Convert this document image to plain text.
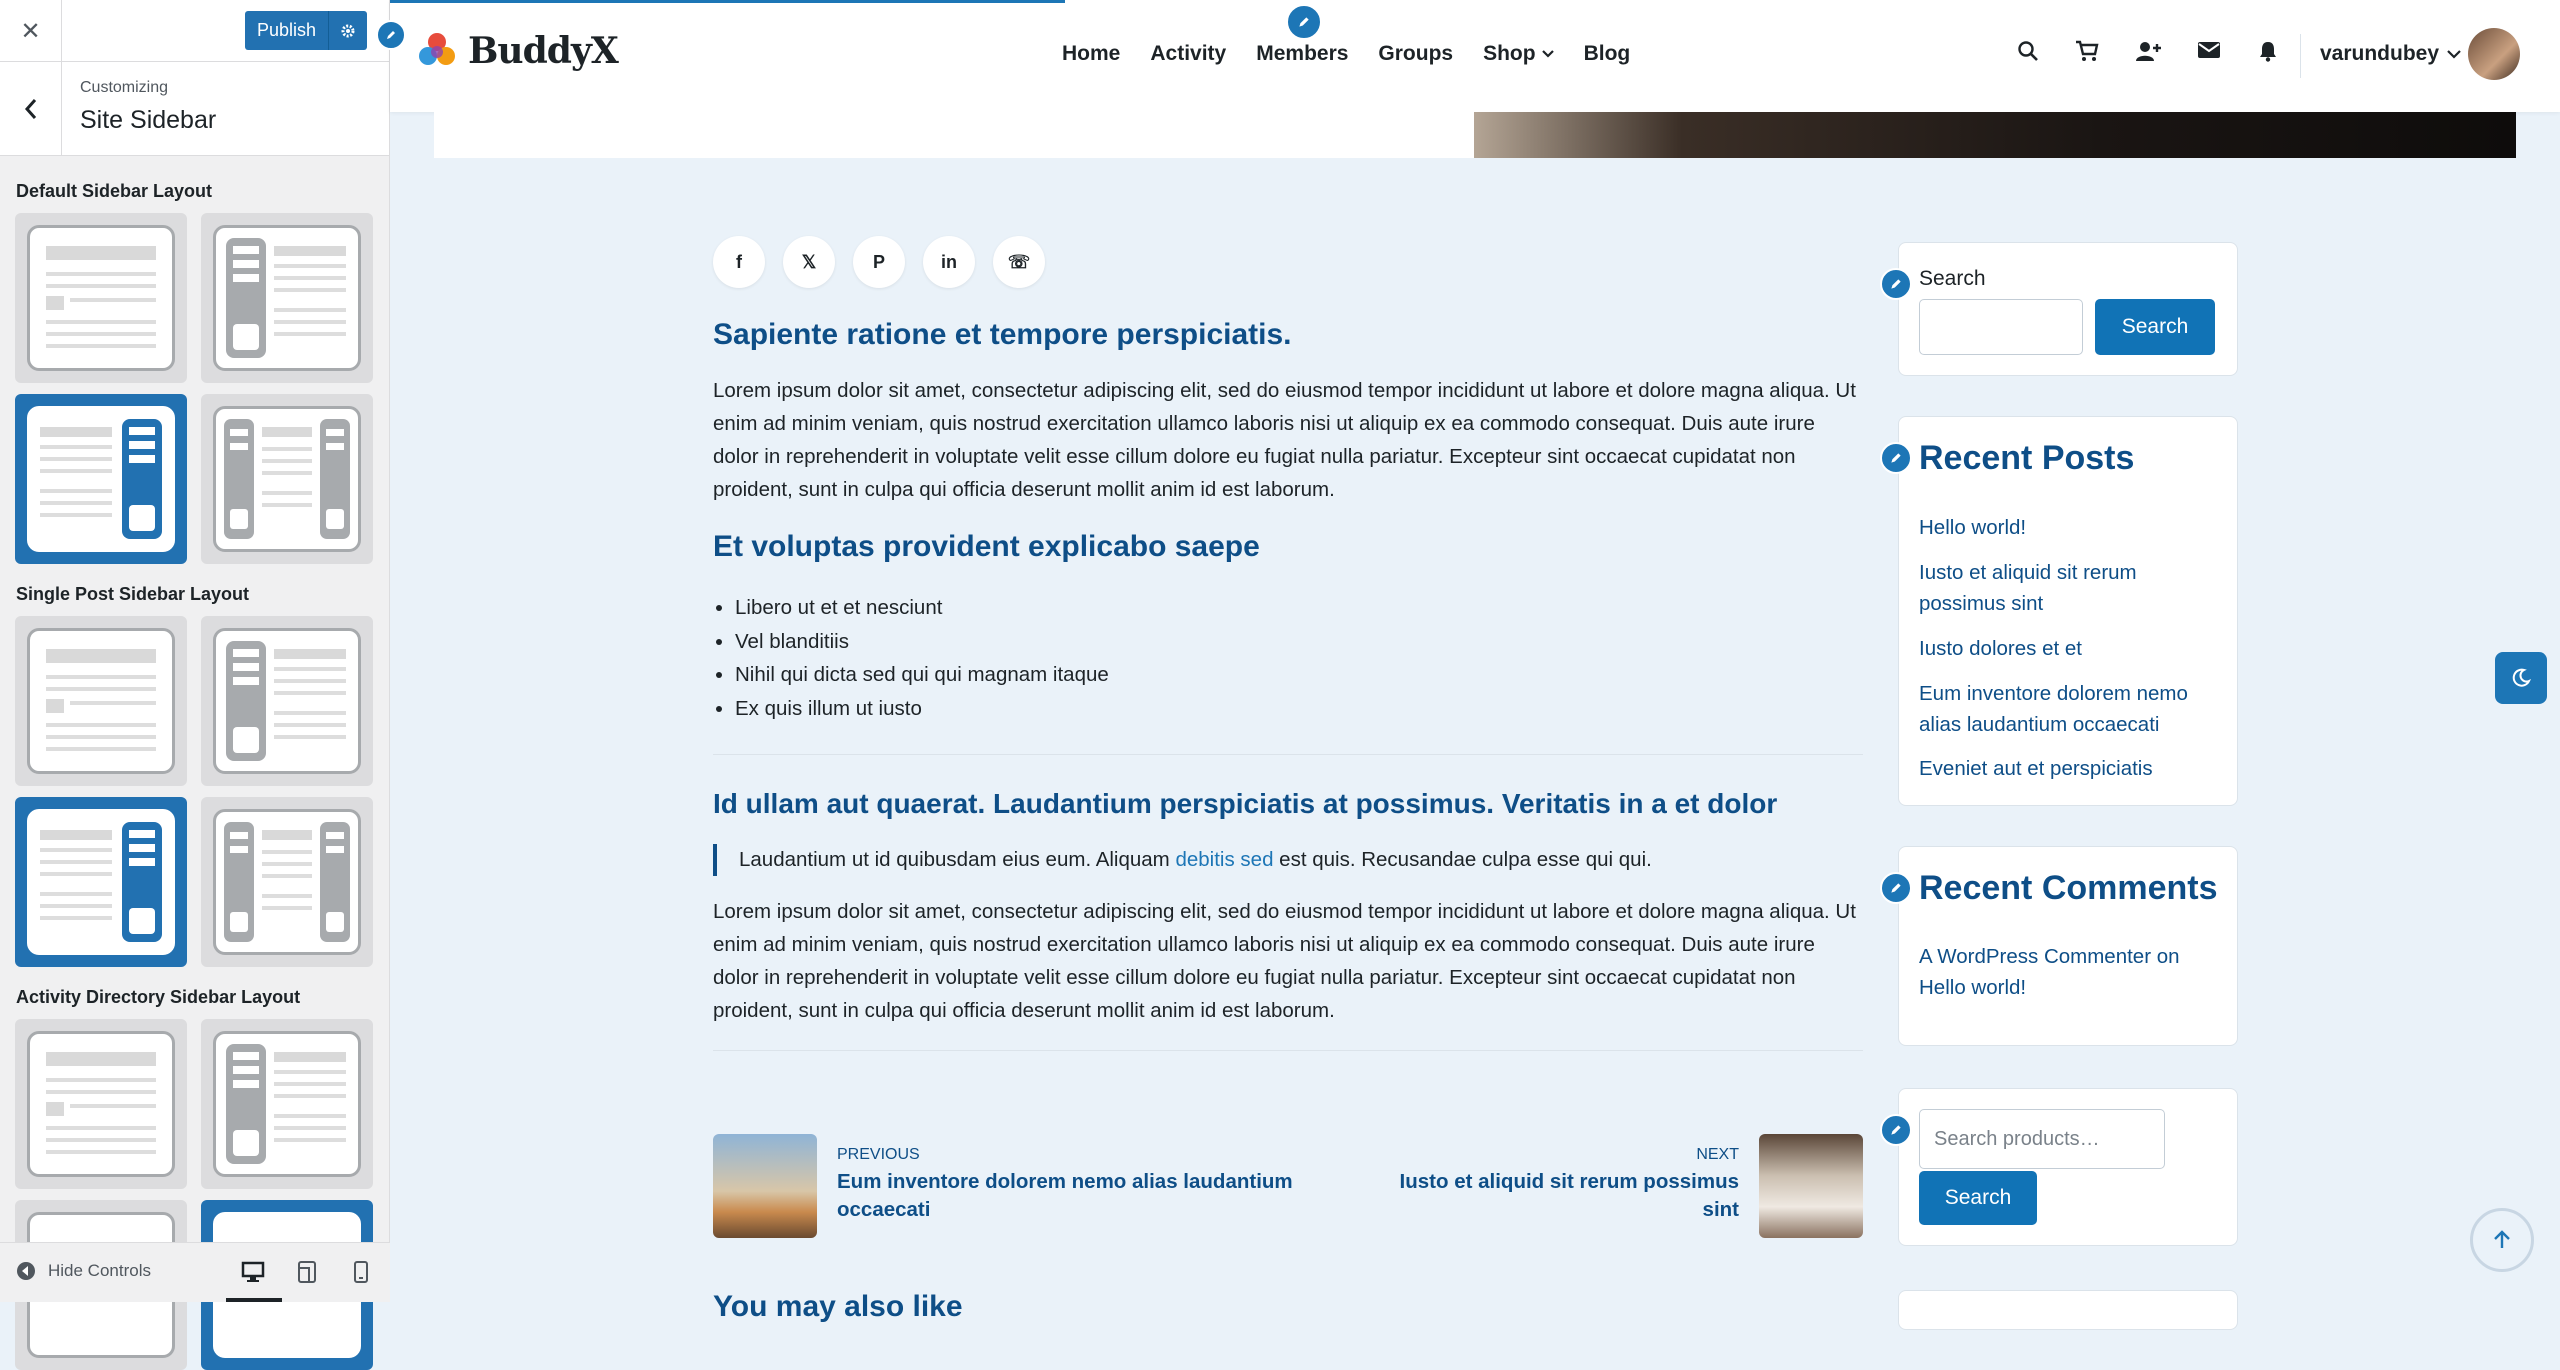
✕	Publish
Customizing
Site Sidebar
Default Sidebar Layout
Single Post Sidebar Layout
Activity Directory Sidebar Layout
Hide Controls
BuddyX	Home Activity Members Groups Shop Blog	varundubey
f	𝕏	P	in	☏
Sapiente ratione et tempore perspiciatis.

Lorem ipsum dolor sit amet, consectetur adipiscing elit, sed do eiusmod tempor incididunt ut labore et dolore magna aliqua. Ut enim ad minim veniam, quis nostrud exercitation ullamco laboris nisi ut aliquip ex ea commodo consequat. Duis aute irure dolor in reprehenderit in voluptate velit esse cillum dolore eu fugiat nulla pariatur. Excepteur sint occaecat cupidatat non proident, sunt in culpa qui officia deserunt mollit anim id est laborum.

Et voluptas provident explicabo saepe
• Libero ut et et nesciunt
• Vel blanditiis
• Nihil qui dicta sed qui qui magnam itaque
• Ex quis illum ut iusto
Id ullam aut quaerat. Laudantium perspiciatis at possimus. Veritatis in a et dolor
Laudantium ut id quibusdam eius eum. Aliquam debitis sed est quis. Recusandae culpa esse qui qui.

Lorem ipsum dolor sit amet, consectetur adipiscing elit, sed do eiusmod tempor incididunt ut labore et dolore magna aliqua. Ut enim ad minim veniam, quis nostrud exercitation ullamco laboris nisi ut aliquip ex ea commodo consequat. Duis aute irure dolor in reprehenderit in voluptate velit esse cillum dolore eu fugiat nulla pariatur. Excepteur sint occaecat cupidatat non proident, sunt in culpa qui officia deserunt mollit anim id est laborum.

PREVIOUS
Eum inventore dolorem nemo alias laudantium occaecati
NEXT
Iusto et aliquid sit rerum possimus sint
Search
Search
Recent Posts
Hello world!
Iusto et aliquid sit rerum possimus sint
Iusto dolores et et
Eum inventore dolorem nemo alias laudantium occaecati
Eveniet aut et perspiciatis
Recent Comments
A WordPress Commenter on Hello world!
Search products…
Search
You may also like
